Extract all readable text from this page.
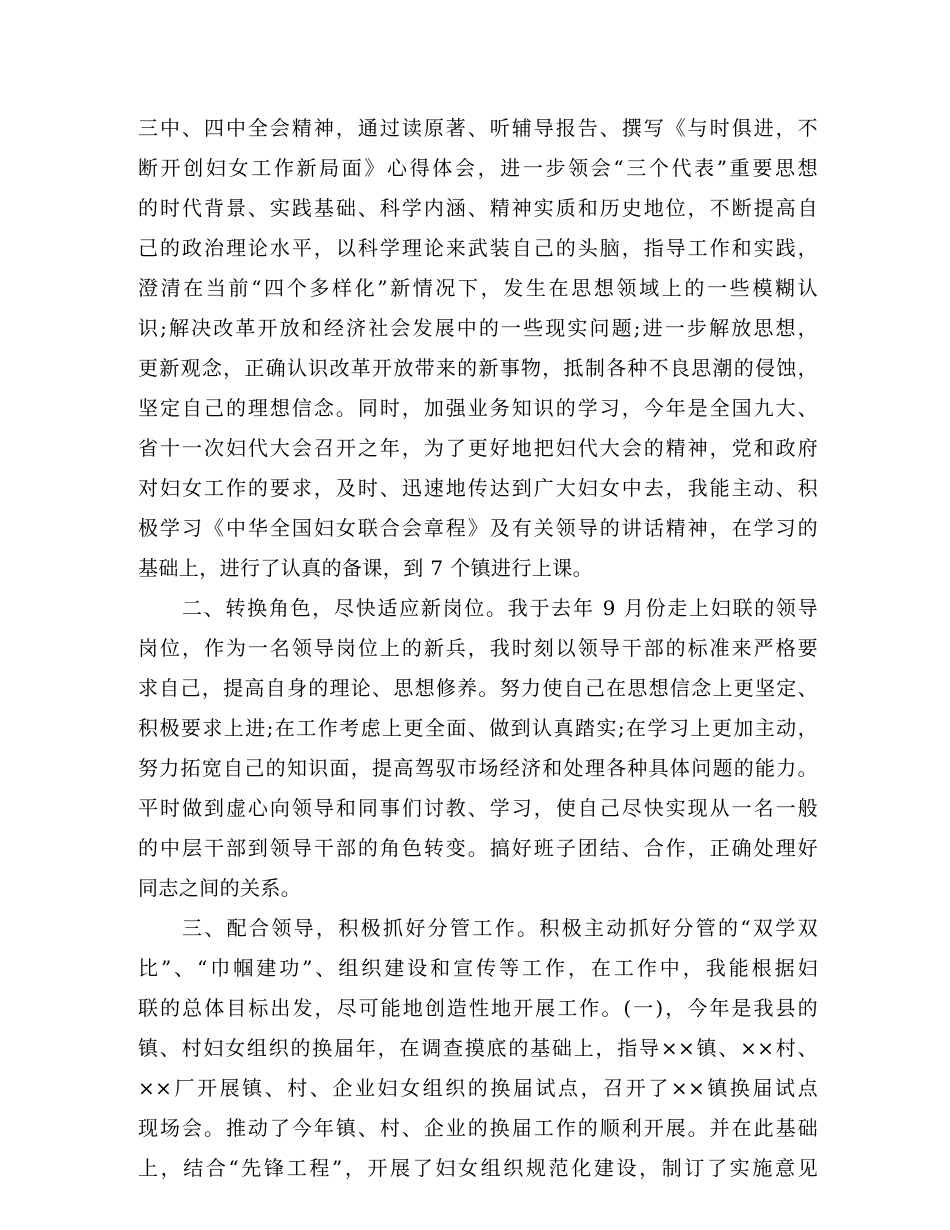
三中、四中全会精神，通过读原著、听辅导报告、撰写《与时俱进，不
断开创妇女工作新局面》心得体会，进一步领会“三个代表”重要思想
的时代背景、实践基础、科学内涵、精神实质和历史地位，不断提高自
己的政治理论水平，以科学理论来武装自己的头脑，指导工作和实践，
澄清在当前“四个多样化”新情况下，发生在思想领域上的一些模糊认
识;解决改革开放和经济社会发展中的一些现实问题;进一步解放思想，
更新观念，正确认识改革开放带来的新事物，抵制各种不良思潮的侵蚀，
坚定自己的理想信念。同时，加强业务知识的学习，今年是全国九大、
省十一次妇代大会召开之年，为了更好地把妇代大会的精神，党和政府
对妇女工作的要求，及时、迅速地传达到广大妇女中去，我能主动、积
极学习《中华全国妇女联合会章程》及有关领导的讲话精神，在学习的
基础上，进行了认真的备课，到 7 个镇进行上课。
二、转换角色，尽快适应新岗位。我于去年 9 月份走上妇联的领导
岗位，作为一名领导岗位上的新兵，我时刻以领导干部的标准来严格要
求自己，提高自身的理论、思想修养。努力使自己在思想信念上更坚定、
积极要求上进;在工作考虑上更全面、做到认真踏实;在学习上更加主动，
努力拓宽自己的知识面，提高驾驭市场经济和处理各种具体问题的能力。
平时做到虚心向领导和同事们讨教、学习，使自己尽快实现从一名一般
的中层干部到领导干部的角色转变。搞好班子团结、合作，正确处理好
同志之间的关系。
三、配合领导，积极抓好分管工作。积极主动抓好分管的“双学双
比”、“巾帼建功”、组织建设和宣传等工作，在工作中，我能根据妇
联的总体目标出发，尽可能地创造性地开展工作。(一)，今年是我县的
镇、村妇女组织的换届年，在调查摸底的基础上，指导××镇、××村、
××厂开展镇、村、企业妇女组织的换届试点，召开了××镇换届试点
现场会。推动了今年镇、村、企业的换届工作的顺利开展。并在此基础
上，结合“先锋工程”，开展了妇女组织规范化建设，制订了实施意见
